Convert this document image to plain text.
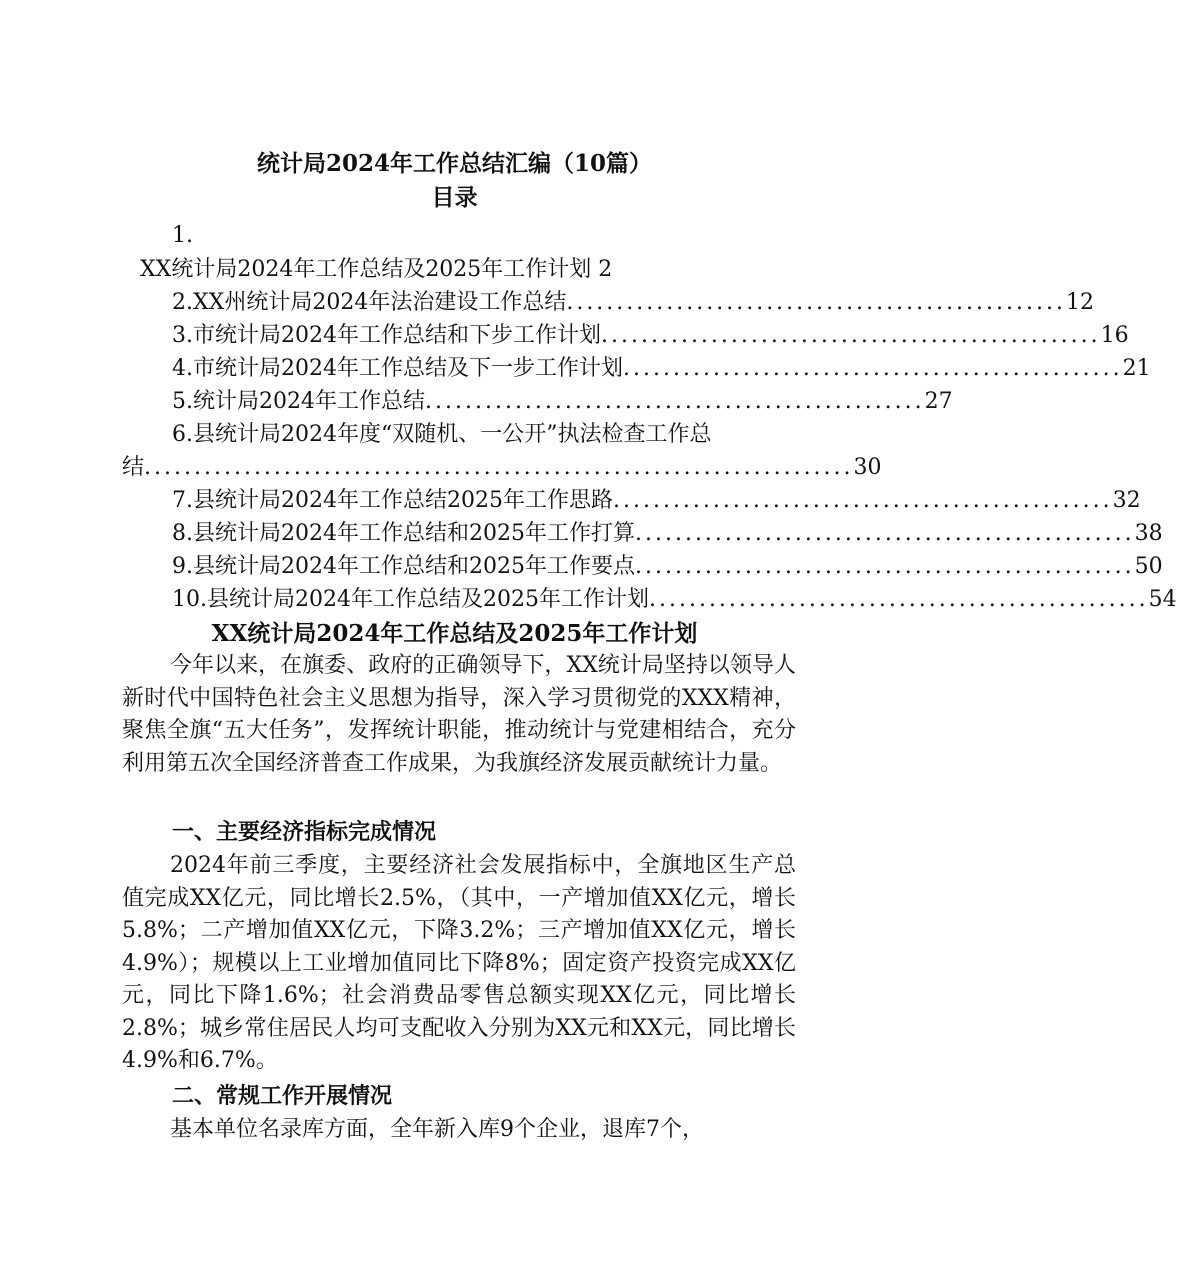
统计局2024年工作总结汇编（10篇）
目录
1.
XX统计局2024年工作总结及2025年工作计划 2
2.XX州统计局2024年法治建设工作总结 .................................................. 12
3.市统计局2024年工作总结和下步工作计划 .................................................. 16
4.市统计局2024年工作总结及下一步工作计划 .................................................. 21
5.统计局2024年工作总结 .................................................. 27
6.县统计局2024年度“双随机、一公开”执法检查工作总
结 ....................................................................... 30
7.县统计局2024年工作总结2025年工作思路 .................................................. 32
8.县统计局2024年工作总结和2025年工作打算 .................................................. 38
9.县统计局2024年工作总结和2025年工作要点 .................................................. 50
10.县统计局2024年工作总结及2025年工作计划 .................................................. 54
XX统计局2024年工作总结及2025年工作计划
今年以来，在旗委、政府的正确领导下，XX统计局坚持以领导人新时代中国特色社会主义思想为指导，深入学习贯彻党的XXX精神，聚焦全旗“五大任务”，发挥统计职能，推动统计与党建相结合，充分利用第五次全国经济普查工作成果，为我旗经济发展贡献统计力量。
一、主要经济指标完成情况
2024年前三季度，主要经济社会发展指标中，全旗地区生产总值完成XX亿元，同比增长2.5%，（其中，一产增加值XX亿元，增长5.8%；二产增加值XX亿元，下降3.2%；三产增加值XX亿元，增长4.9%）；规模以上工业增加值同比下降8%；固定资产投资完成XX亿元，同比下降1.6%；社会消费品零售总额实现XX亿元，同比增长2.8%；城乡常住居民人均可支配收入分别为XX元和XX元，同比增长4.9%和6.7%。
二、常规工作开展情况
基本单位名录库方面，全年新入库9个企业，退库7个，
